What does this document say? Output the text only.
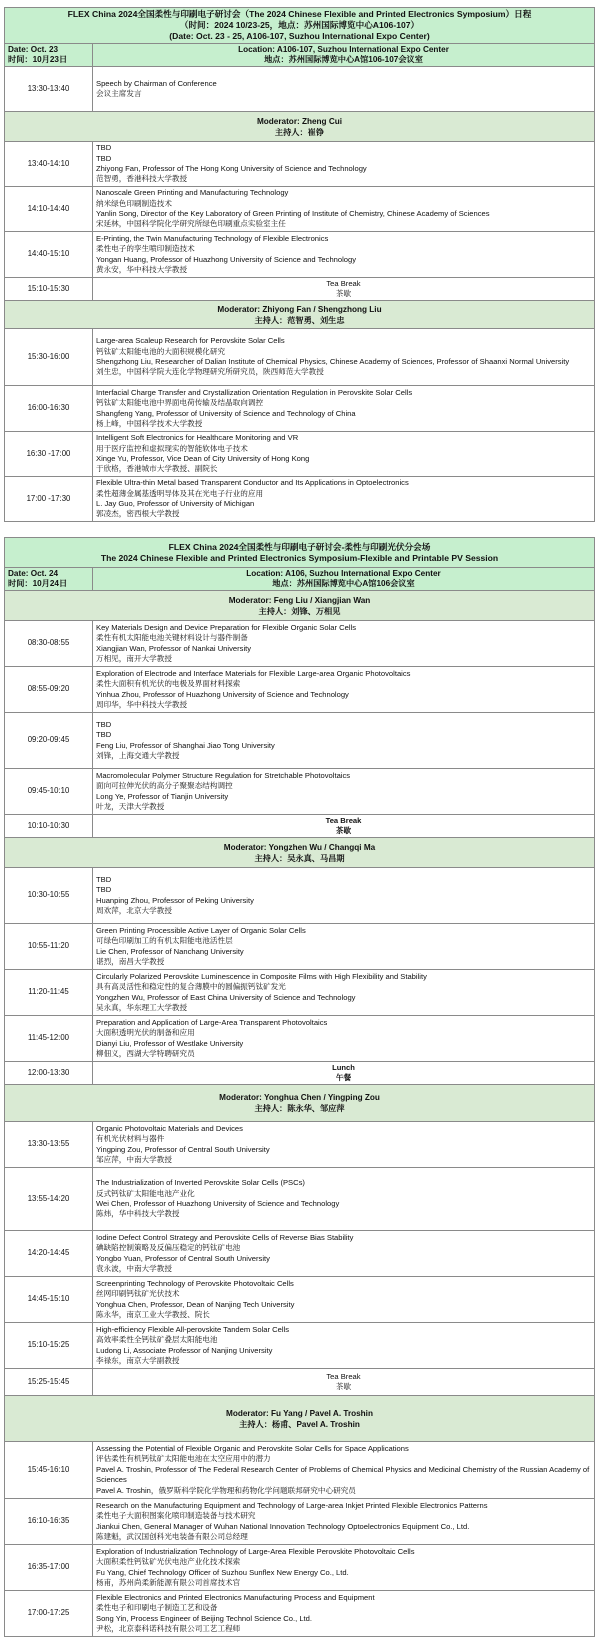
FLEX China 2024全国柔性与印刷电子研讨会（The 2024 Chinese Flexible and Printed Electronics Symposium）日程
（时间：2024 10/23-25，地点：苏州国际博览中心A106-107）
(Date: Oct. 23 - 25, A106-107, Suzhou International Expo Center)	

Date: Oct. 23
时间：10月23日	Location: A106-107, Suzhou International Expo Center
地点：苏州国际博览中心A馆106-107会议室

13:30-13:40	Speech by Chairman of Conference
会议主席发言

Moderator: Zheng Cui
主持人：崔铮	

13:40-14:10	TBD
TBD
Zhiyong Fan, Professor of The Hong Kong University of Science and Technology
范智勇，香港科技大学教授

14:10-14:40	Nanoscale Green Printing and Manufacturing Technology
纳米绿色印刷制造技术
Yanlin Song, Director of the Key Laboratory of Green Printing of Institute of Chemistry, Chinese Academy of Sciences
宋延林，中国科学院化学研究所绿色印刷重点实验室主任

14:40-15:10	E-Printing, the Twin Manufacturing Technology of Flexible Electronics
柔性电子的孪生喷印制造技术
Yongan Huang, Professor of Huazhong University of Science and Technology
黄永安，华中科技大学教授

15:10-15:30	Tea Break
茶歇

Moderator: Zhiyong Fan / Shengzhong Liu
主持人：范智勇、刘生忠	

15:30-16:00	Large-area Scaleup Research for Perovskite Solar Cells
钙钛矿太阳能电池的大面积规模化研究
Shengzhong Liu, Researcher of Dalian Institute of Chemical Physics, Chinese Academy of Sciences, Professor of Shaanxi Normal University
刘生忠，中国科学院大连化学物理研究所研究员，陕西师范大学教授

16:00-16:30	Interfacial Charge Transfer and Crystallization Orientation Regulation in Perovskite Solar Cells
钙钛矿太阳能电池中界面电荷传输及结晶取向调控
Shangfeng Yang, Professor of University of Science and Technology of China
杨上峰，中国科学技术大学教授

16:30 -17:00	Intelligent Soft Electronics for Healthcare Monitoring and VR
用于医疗监控和虚拟现实的智能软体电子技术
Xinge Yu, Professor, Vice Dean of City University of Hong Kong
于欣格，香港城市大学教授、副院长

17:00 -17:30	Flexible Ultra-thin Metal based Transparent Conductor and Its Applications in Optoelectronics
柔性超薄金属基透明导体及其在光电子行业的应用
L. Jay Guo, Professor of University of Michigan
郭凌杰，密西根大学教授
FLEX China 2024全国柔性与印刷电子研讨会-柔性与印刷光伏分会场
The 2024 Chinese Flexible and Printed Electronics Symposium-Flexible and Printable PV Session	

Date: Oct. 24
时间：10月24日	Location: A106, Suzhou International Expo Center
地点：苏州国际博览中心A馆106会议室

Moderator: Feng Liu / Xiangjian Wan
主持人：刘锋、万相见	

08:30-08:55	Key Materials Design and Device Preparation for Flexible Organic Solar Cells
柔性有机太阳能电池关键材料设计与器件制备
Xiangjian Wan, Professor of Nankai University
万相见，南开大学教授

08:55-09:20	Exploration of Electrode and Interface Materials for Flexible Large-area Organic Photovoltaics
柔性大面积有机光伏的电极及界面材料探索
Yinhua Zhou, Professor of Huazhong University of Science and Technology
周印华，华中科技大学教授

09:20-09:45	TBD
TBD
Feng Liu, Professor of Shanghai Jiao Tong University
刘锋，上海交通大学教授

09:45-10:10	Macromolecular Polymer Structure Regulation for Stretchable Photovoltaics
面向可拉伸光伏的高分子聚聚态结构调控
Long Ye, Professor of Tianjin University
叶龙，天津大学教授

10:10-10:30	Tea Break
茶歇

Moderator: Yongzhen Wu / Changqi Ma
主持人：吴永真、马昌期	

10:30-10:55	TBD
TBD
Huanping Zhou, Professor of Peking University
周欢萍，北京大学教授

10:55-11:20	Green Printing Processible Active Layer of Organic Solar Cells
可绿色印刷加工的有机太阳能电池活性层
Lie Chen, Professor of Nanchang University
谌烈，南昌大学教授

11:20-11:45	Circularly Polarized Perovskite Luminescence in Composite Films with High Flexibility and Stability
具有高灵活性和稳定性的复合薄膜中的圆偏振钙钛矿发光
Yongzhen Wu, Professor of East China University of Science and Technology
吴永真，华东理工大学教授

11:45-12:00	Preparation and Application of Large-Area Transparent Photovoltaics
大面积透明光伏的制备和应用
Dianyi Liu, Professor of Westlake University
柳佃义，西湖大学特聘研究员

12:00-13:30	Lunch
午餐

Moderator: Yonghua Chen / Yingping Zou
主持人：陈永华、邹应萍	

13:30-13:55	Organic Photovoltaic Materials and Devices
有机光伏材料与器件
Yingping Zou, Professor of Central South University
邹应萍，中南大学教授

13:55-14:20	The Industrialization of Inverted Perovskite Solar Cells (PSCs)
反式钙钛矿太阳能电池产业化
Wei Chen, Professor of Huazhong University of Science and Technology
陈炜，华中科技大学教授

14:20-14:45	Iodine Defect Control Strategy and Perovskite Cells of Reverse Bias Stability
碘缺陷控制策略及反偏压稳定的钙钛矿电池
Yongbo Yuan, Professor of Central South University
袁永波，中南大学教授

14:45-15:10	Screenprinting Technology of Perovskite Photovoltaic Cells
丝网印刷钙钛矿光伏技术
Yonghua Chen, Professor, Dean of Nanjing Tech University
陈永华，南京工业大学教授、院长

15:10-15:25	High-efficiency Flexible All-perovskite Tandem Solar Cells
高效率柔性全钙钛矿叠层太阳能电池
Ludong Li, Associate Professor of Nanjing University
李禄东，南京大学副教授

15:25-15:45	Tea Break
茶歇

Moderator: Fu Yang / Pavel A. Troshin
主持人：杨甫、Pavel A. Troshin	

15:45-16:10	Assessing the Potential of Flexible Organic and Perovskite Solar Cells for Space Applications
评估柔性有机钙钛矿太阳能电池在太空应用中的潜力
Pavel A. Troshin, Professor of The Federal Research Center of Problems of Chemical Physics and Medicinal Chemistry of the Russian Academy of Sciences
Pavel A. Troshin，俄罗斯科学院化学物理和药物化学问题联邦研究中心研究员

16:10-16:35	Research on the Manufacturing Equipment and Technology of Large-area Inkjet Printed Flexible Electronics Patterns
柔性电子大面积图案化喷印制造装备与技术研究
Jiankui Chen, General Manager of Wuhan National Innovation Technology Optoelectronics Equipment Co., Ltd.
陈建魁，武汉国创科光电装备有限公司总经理

16:35-17:00	Exploration of Industrialization Technology of Large-Area Flexible Perovskite Photovoltaic Cells
大面积柔性钙钛矿光伏电池产业化技术探索
Fu Yang, Chief Technology Officer of Suzhou Sunflex New Energy Co., Ltd.
杨甫，苏州尚柔新能源有限公司首席技术官

17:00-17:25	Flexible Electronics and Printed Electronics Manufacturing Process and Equipment
柔性电子和印刷电子制造工艺和设备
Song Yin, Process Engineer of Beijing Technol Science Co., Ltd.
尹松，北京泰科诺科技有限公司工艺工程师
